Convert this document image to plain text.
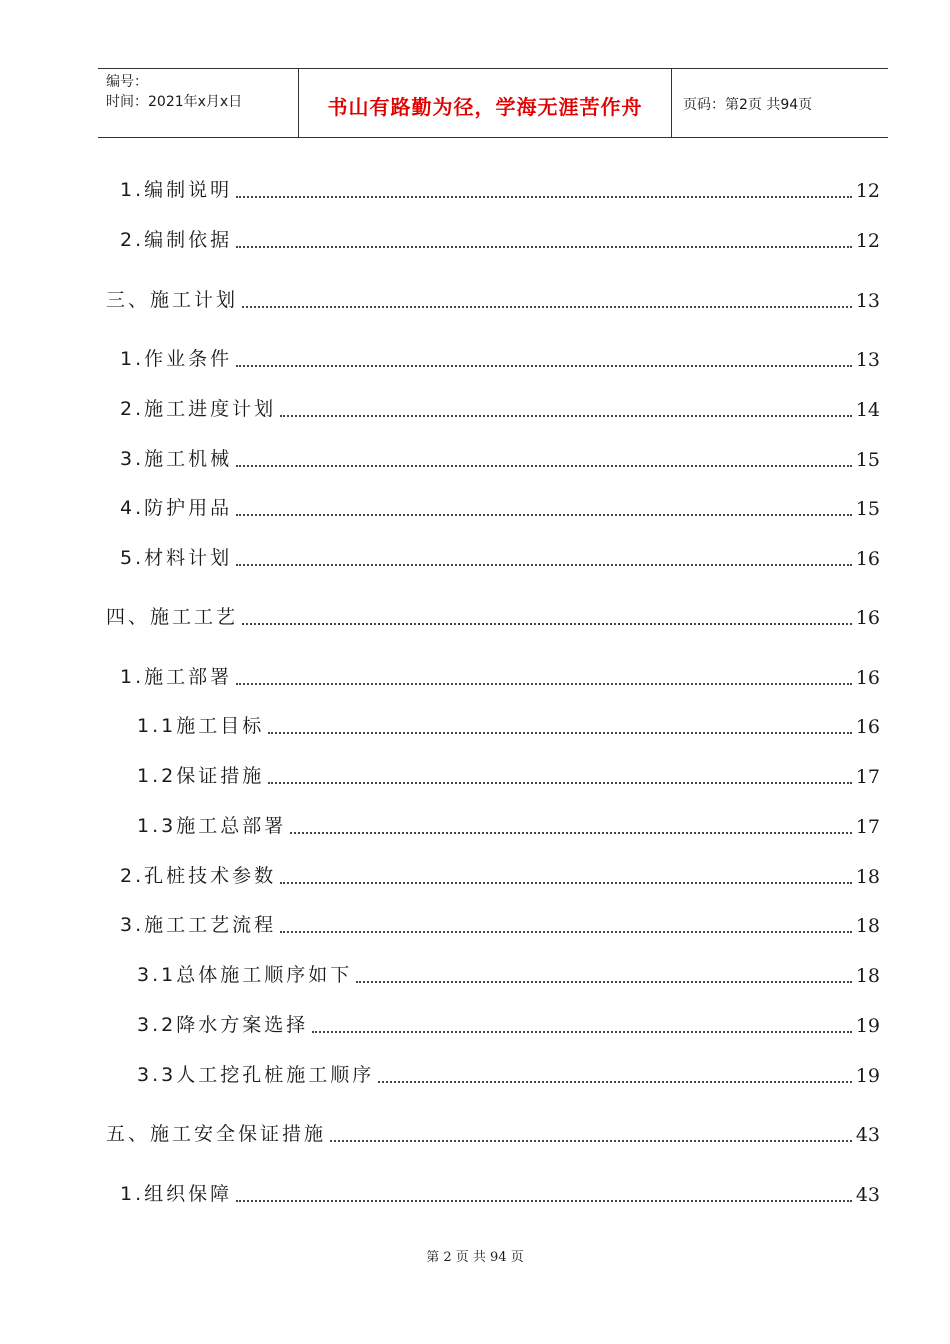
编号：
时间：2021年x月x日	书山有路勤为径，学海无涯苦作舟	页码：第2页 共94页
1.编制说明	12
2.编制依据	12
三、施工计划	13
1.作业条件	13
2.施工进度计划	14
3.施工机械	15
4.防护用品	15
5.材料计划	16
四、施工工艺	16
1.施工部署	16
1.1施工目标	16
1.2保证措施	17
1.3施工总部署	17
2.孔桩技术参数	18
3.施工工艺流程	18
3.1总体施工顺序如下	18
3.2降水方案选择	19
3.3人工挖孔桩施工顺序	19
五、施工安全保证措施	43
1.组织保障	43
第 2 页 共 94 页
